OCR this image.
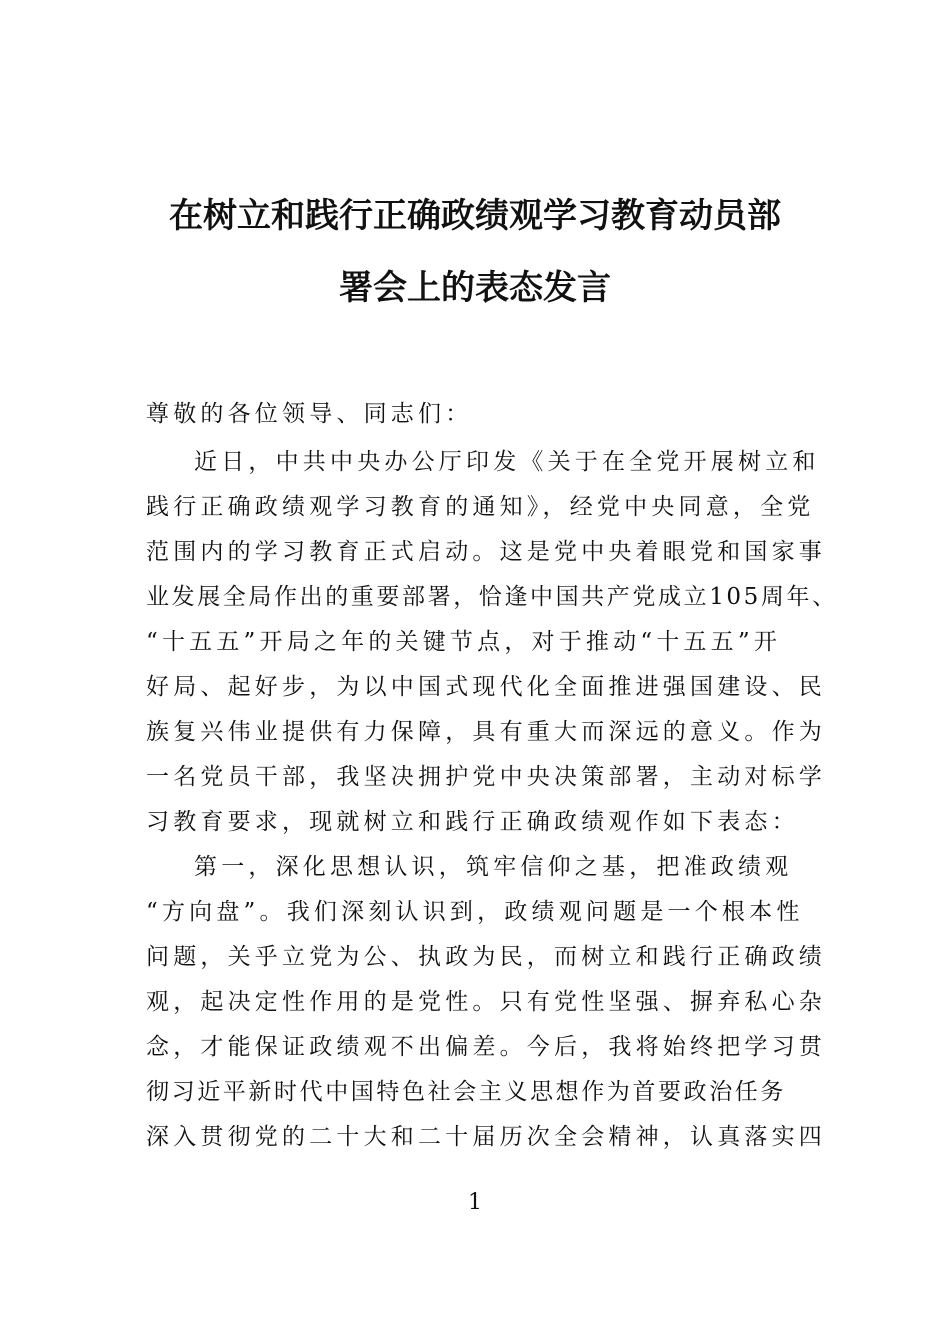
在树立和践行正确政绩观学习教育动员部
署会上的表态发言
尊敬的各位领导、同志们：
近日，中共中央办公厅印发《关于在全党开展树立和
践行正确政绩观学习教育的通知》，经党中央同意，全党
范围内的学习教育正式启动。这是党中央着眼党和国家事
业发展全局作出的重要部署，恰逢中国共产党成立105周年、
“十五五”开局之年的关键节点，对于推动“十五五”开
好局、起好步，为以中国式现代化全面推进强国建设、民
族复兴伟业提供有力保障，具有重大而深远的意义。作为
一名党员干部，我坚决拥护党中央决策部署，主动对标学
习教育要求，现就树立和践行正确政绩观作如下表态：
第一，深化思想认识，筑牢信仰之基，把准政绩观
“方向盘”。我们深刻认识到，政绩观问题是一个根本性
问题，关乎立党为公、执政为民，而树立和践行正确政绩
观，起决定性作用的是党性。只有党性坚强、摒弃私心杂
念，才能保证政绩观不出偏差。今后，我将始终把学习贯
彻习近平新时代中国特色社会主义思想作为首要政治任务
深入贯彻党的二十大和二十届历次全会精神，认真落实四
1
